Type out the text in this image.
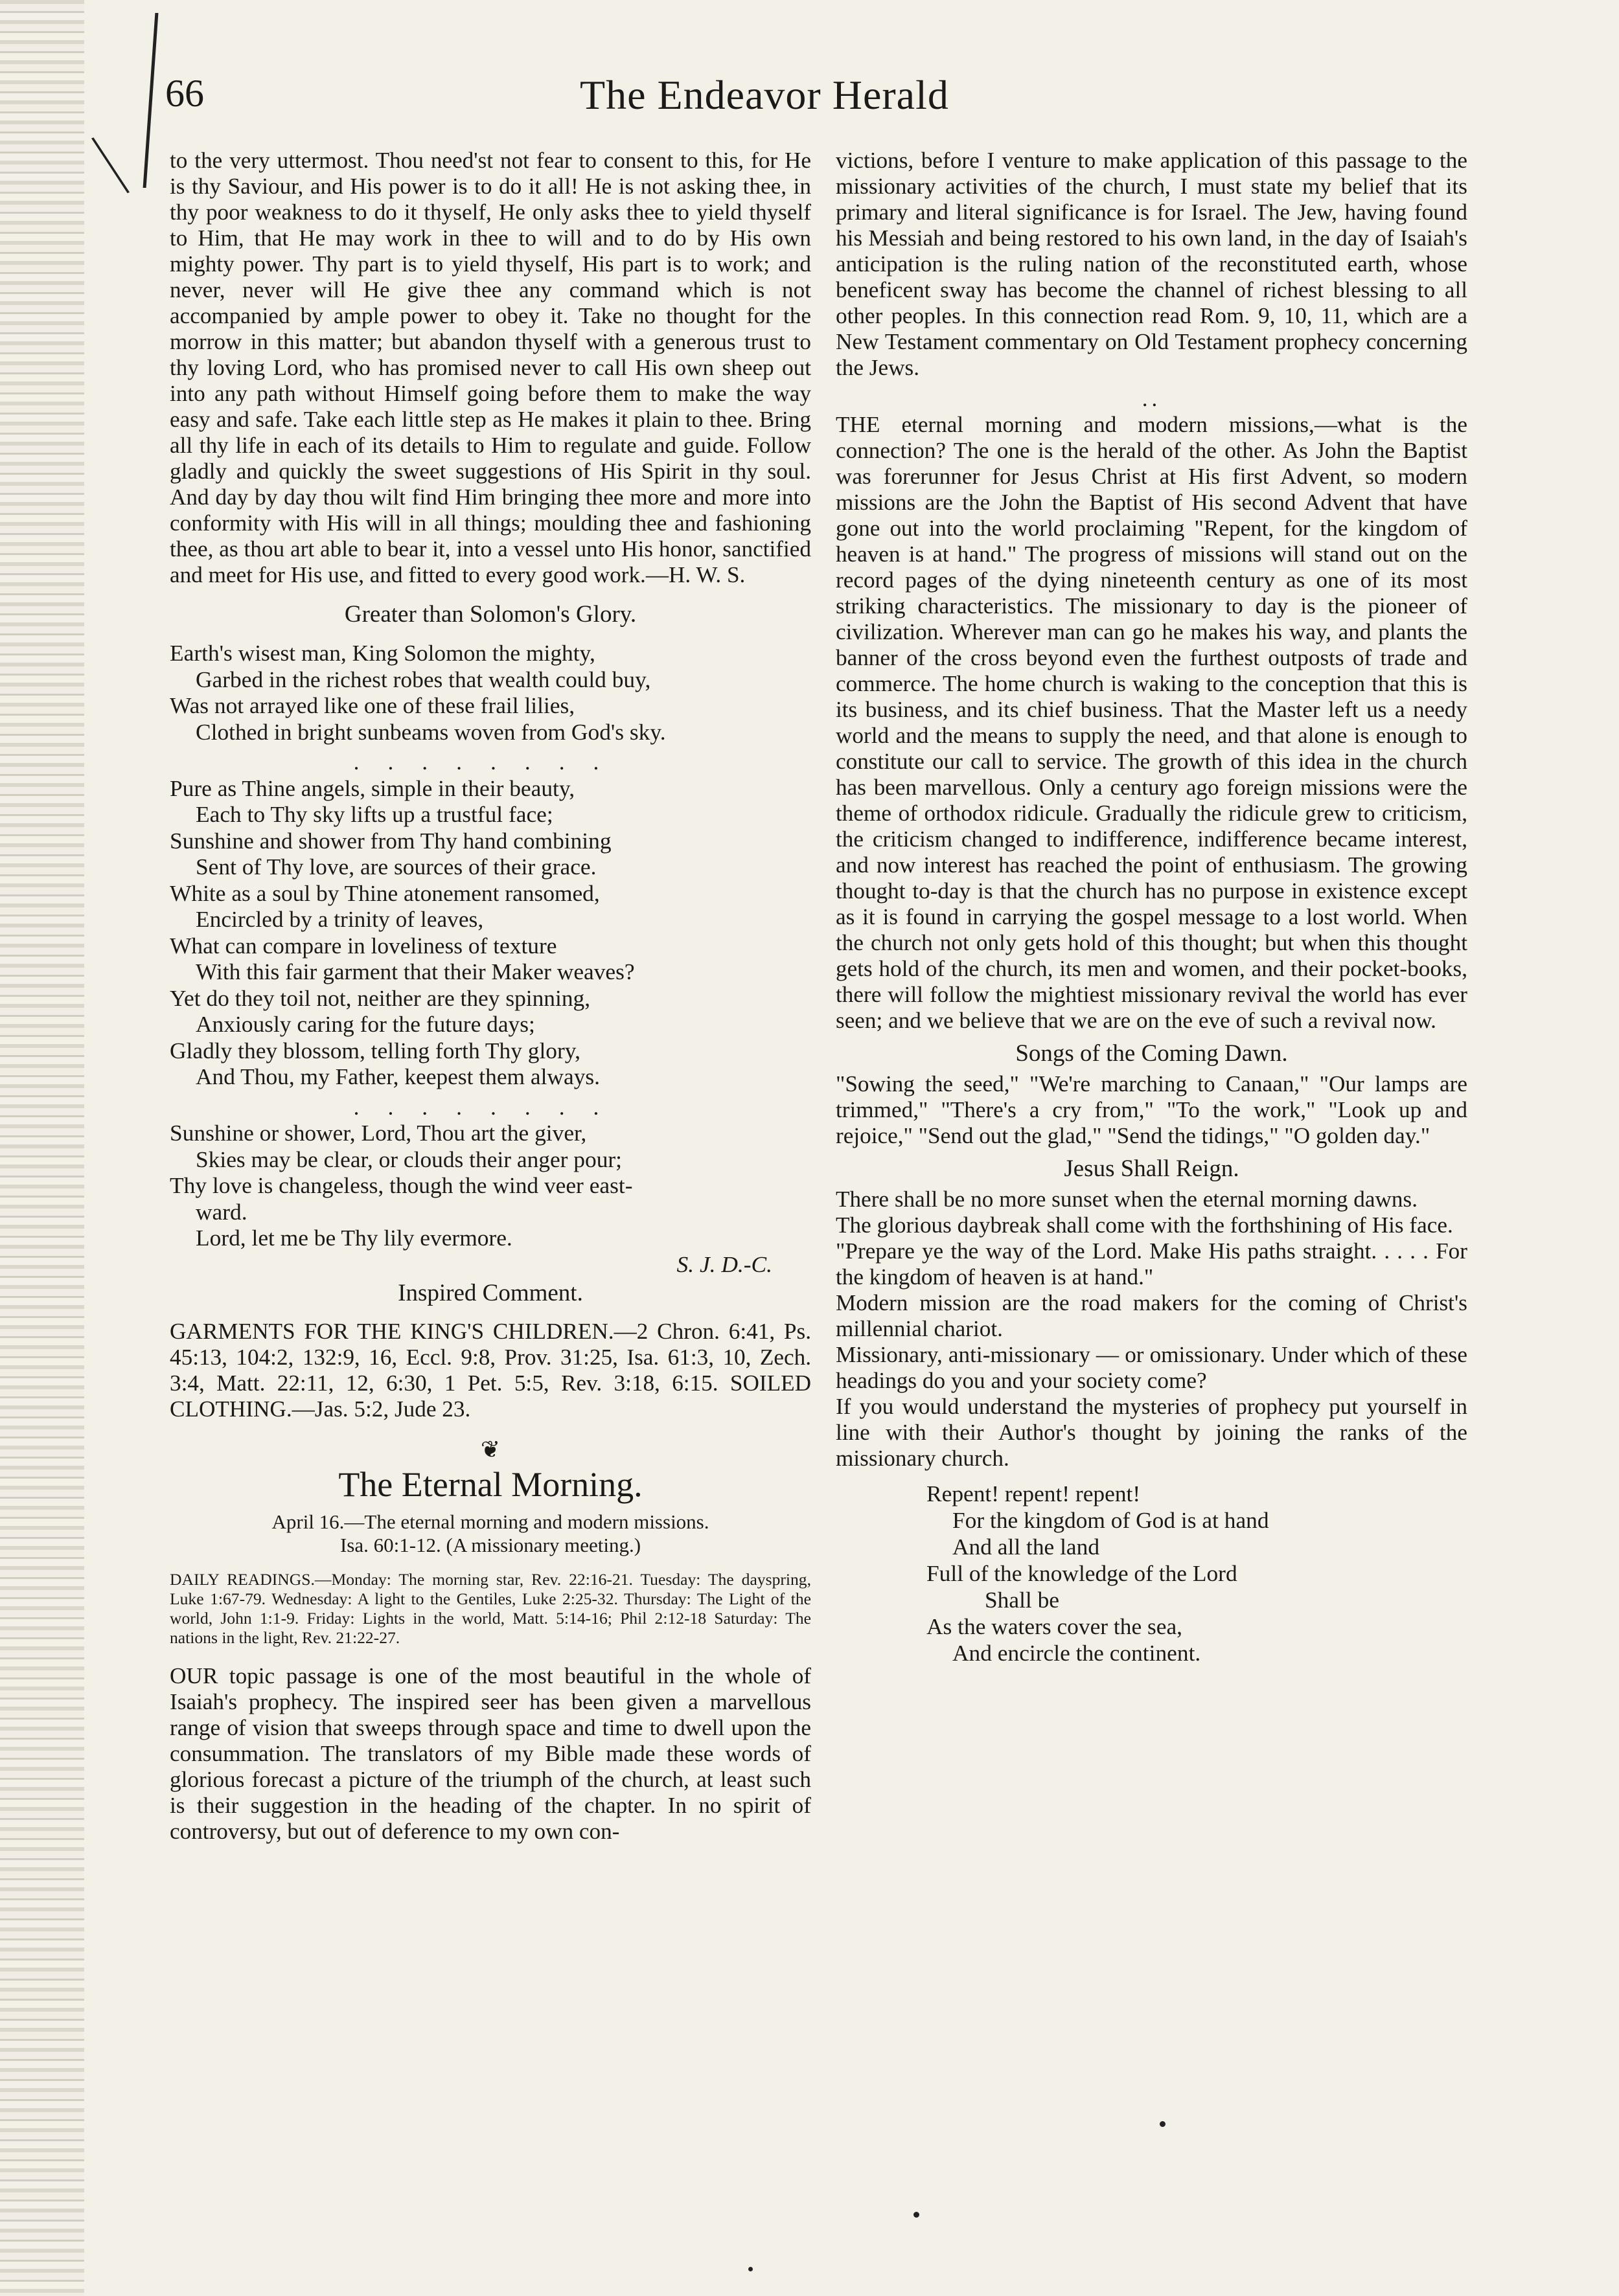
66	The Endeavor Herald

to the very uttermost. Thou need'st not fear to consent to this, for He is thy Saviour, and His power is to do it all! He is not asking thee, in thy poor weakness to do it thyself, He only asks thee to yield thyself to Him, that He may work in thee to will and to do by His own mighty power. Thy part is to yield thyself, His part is to work; and never, never will He give thee any command which is not accompanied by ample power to obey it. Take no thought for the morrow in this matter; but abandon thyself with a generous trust to thy loving Lord, who has promised never to call His own sheep out into any path without Himself going before them to make the way easy and safe. Take each little step as He makes it plain to thee. Bring all thy life in each of its details to Him to regulate and guide. Follow gladly and quickly the sweet suggestions of His Spirit in thy soul. And day by day thou wilt find Him bringing thee more and more into conformity with His will in all things; moulding thee and fashioning thee, as thou art able to bear it, into a vessel unto His honor, sanctified and meet for His use, and fitted to every good work.—H. W. S.

Greater than Solomon's Glory.
Earth's wisest man, King Solomon the mighty,
Garbed in the richest robes that wealth could buy,
Was not arrayed like one of these frail lilies,
Clothed in bright sunbeams woven from God's sky.
........
Pure as Thine angels, simple in their beauty,
Each to Thy sky lifts up a trustful face;
Sunshine and shower from Thy hand combining
Sent of Thy love, are sources of their grace.
White as a soul by Thine atonement ransomed,
Encircled by a trinity of leaves,
What can compare in loveliness of texture
With this fair garment that their Maker weaves?
Yet do they toil not, neither are they spinning,
Anxiously caring for the future days;
Gladly they blossom, telling forth Thy glory,
And Thou, my Father, keepest them always.
........
Sunshine or shower, Lord, Thou art the giver,
Skies may be clear, or clouds their anger pour;
Thy love is changeless, though the wind veer east-
ward.
Lord, let me be Thy lily evermore.
S. J. D.-C.
Inspired Comment.

GARMENTS FOR THE KING'S CHILDREN.—2 Chron. 6:41, Ps. 45:13, 104:2, 132:9, 16, Eccl. 9:8, Prov. 31:25, Isa. 61:3, 10, Zech. 3:4, Matt. 22:11, 12, 6:30, 1 Pet. 5:5, Rev. 3:18, 6:15. SOILED CLOTHING.—Jas. 5:2, Jude 23.

❦
The Eternal Morning.
April 16.—The eternal morning and modern missions.
Isa. 60:1-12. (A missionary meeting.)

DAILY READINGS.—Monday: The morning star, Rev. 22:16-21. Tuesday: The dayspring, Luke 1:67-79. Wednesday: A light to the Gentiles, Luke 2:25-32. Thursday: The Light of the world, John 1:1-9. Friday: Lights in the world, Matt. 5:14-16; Phil 2:12-18 Saturday: The nations in the light, Rev. 21:22-27.

OUR topic passage is one of the most beautiful in the whole of Isaiah's prophecy. The inspired seer has been given a marvellous range of vision that sweeps through space and time to dwell upon the consummation. The translators of my Bible made these words of glorious forecast a picture of the triumph of the church, at least such is their suggestion in the heading of the chapter. In no spirit of controversy, but out of deference to my own con-

victions, before I venture to make application of this passage to the missionary activities of the church, I must state my belief that its primary and literal significance is for Israel. The Jew, having found his Messiah and being restored to his own land, in the day of Isaiah's anticipation is the ruling nation of the reconstituted earth, whose beneficent sway has become the channel of richest blessing to all other peoples. In this connection read Rom. 9, 10, 11, which are a New Testament commentary on Old Testament prophecy concerning the Jews.

..

THE eternal morning and modern missions,—what is the connection? The one is the herald of the other. As John the Baptist was forerunner for Jesus Christ at His first Advent, so modern missions are the John the Baptist of His second Advent that have gone out into the world proclaiming "Repent, for the kingdom of heaven is at hand." The progress of missions will stand out on the record pages of the dying nineteenth century as one of its most striking characteristics. The missionary to day is the pioneer of civilization. Wherever man can go he makes his way, and plants the banner of the cross beyond even the furthest outposts of trade and commerce. The home church is waking to the conception that this is its business, and its chief business. That the Master left us a needy world and the means to supply the need, and that alone is enough to constitute our call to service. The growth of this idea in the church has been marvellous. Only a century ago foreign missions were the theme of orthodox ridicule. Gradually the ridicule grew to criticism, the criticism changed to indifference, indifference became interest, and now interest has reached the point of enthusiasm. The growing thought to-day is that the church has no purpose in existence except as it is found in carrying the gospel message to a lost world. When the church not only gets hold of this thought; but when this thought gets hold of the church, its men and women, and their pocket-books, there will follow the mightiest missionary revival the world has ever seen; and we believe that we are on the eve of such a revival now.

Songs of the Coming Dawn.

"Sowing the seed," "We're marching to Canaan," "Our lamps are trimmed," "There's a cry from," "To the work," "Look up and rejoice," "Send out the glad," "Send the tidings," "O golden day."

Jesus Shall Reign.

There shall be no more sunset when the eternal morning dawns.

The glorious daybreak shall come with the forthshining of His face.

"Prepare ye the way of the Lord. Make His paths straight. . . . . For the kingdom of heaven is at hand."

Modern mission are the road makers for the coming of Christ's millennial chariot.

Missionary, anti-missionary — or omissionary. Under which of these headings do you and your society come?

If you would understand the mysteries of prophecy put yourself in line with their Author's thought by joining the ranks of the missionary church.

Repent! repent! repent!
For the kingdom of God is at hand
And all the land
Full of the knowledge of the Lord
Shall be
As the waters cover the sea,
And encircle the continent.
